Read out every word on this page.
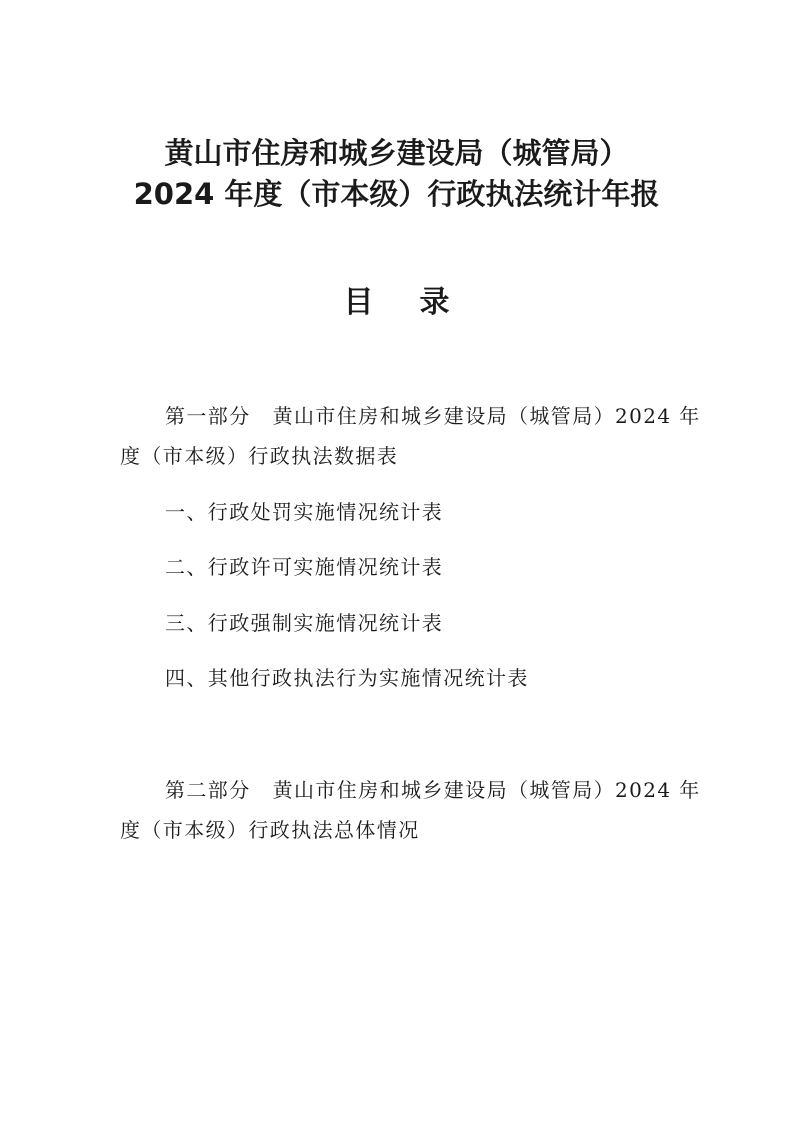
黄山市住房和城乡建设局（城管局）
2024 年度（市本级）行政执法统计年报
目录
第一部分 黄山市住房和城乡建设局（城管局）2024 年
度（市本级）行政执法数据表
一、行政处罚实施情况统计表
二、行政许可实施情况统计表
三、行政强制实施情况统计表
四、其他行政执法行为实施情况统计表
第二部分 黄山市住房和城乡建设局（城管局）2024 年
度（市本级）行政执法总体情况
